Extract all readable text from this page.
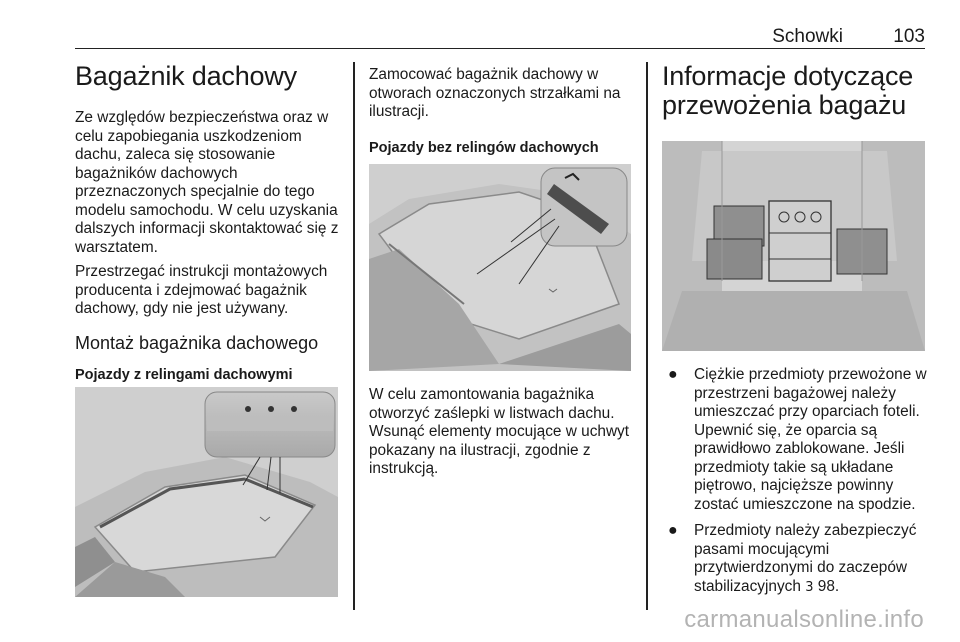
Schowki	103
Bagażnik dachowy

Ze względów bezpieczeństwa oraz w celu zapobiegania uszkodzeniom dachu, zaleca się stosowanie bagażników dachowych przeznaczonych specjalnie do tego modelu samochodu. W celu uzyskania dalszych informacji skontaktować się z warsztatem.

Przestrzegać instrukcji montażowych producenta i zdejmować bagażnik dachowy, gdy nie jest używany.

Montaż bagażnika dachowego
Pojazdy z relingami dachowymi

Zamocować bagażnik dachowy w otworach oznaczonych strzałkami na ilustracji.

Pojazdy bez relingów dachowych

W celu zamontowania bagażnika otworzyć zaślepki w listwach dachu. Wsunąć elementy mocujące w uchwyt pokazany na ilustracji, zgodnie z instrukcją.

Informacje dotyczące
przewożenia bagażu
● Ciężkie przedmioty przewożone w przestrzeni bagażowej należy umieszczać przy oparciach foteli. Upewnić się, że oparcia są prawidłowo zablokowane. Jeśli przedmioty takie są układane piętrowo, najcięższe powinny zostać umieszczone na spodzie.
● Przedmioty należy zabezpieczyć pasami mocującymi przytwierdzonymi do zaczepów stabilizacyjnych 3 98.
carmanualsonline.info
